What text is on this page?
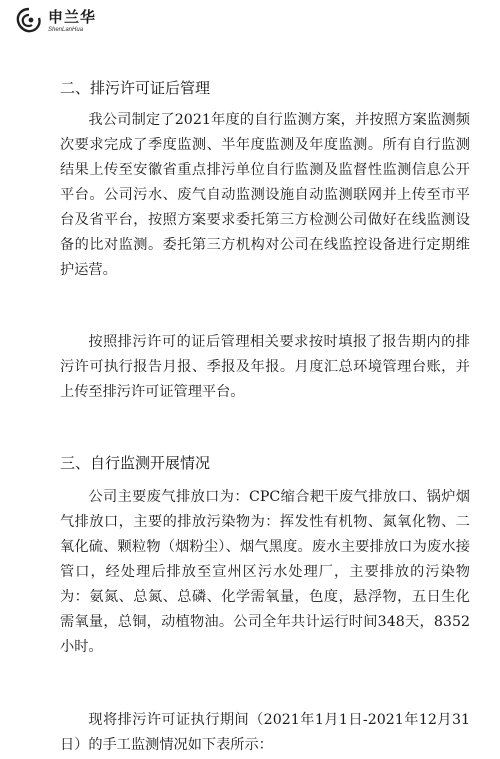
申兰华
ShenLanHua
二、排污许可证后管理

我公司制定了2021年度的自行监测方案，并按照方案监测频次要求完成了季度监测、半年度监测及年度监测。所有自行监测结果上传至安徽省重点排污单位自行监测及监督性监测信息公开平台。公司污水、废气自动监测设施自动监测联网并上传至市平台及省平台，按照方案要求委托第三方检测公司做好在线监测设备的比对监测。委托第三方机构对公司在线监控设备进行定期维护运营。

按照排污许可的证后管理相关要求按时填报了报告期内的排污许可执行报告月报、季报及年报。月度汇总环境管理台账，并上传至排污许可证管理平台。

三、自行监测开展情况

公司主要废气排放口为：CPC缩合耙干废气排放口、锅炉烟气排放口，主要的排放污染物为：挥发性有机物、氮氧化物、二氧化硫、颗粒物（烟粉尘）、烟气黑度。废水主要排放口为废水接管口，经处理后排放至宣州区污水处理厂，主要排放的污染物为：氨氮、总氮、总磷、化学需氧量，色度，悬浮物，五日生化需氧量，总铜，动植物油。公司全年共计运行时间348天，8352小时。

现将排污许可证执行期间（2021年1月1日-2021年12月31日）的手工监测情况如下表所示：
